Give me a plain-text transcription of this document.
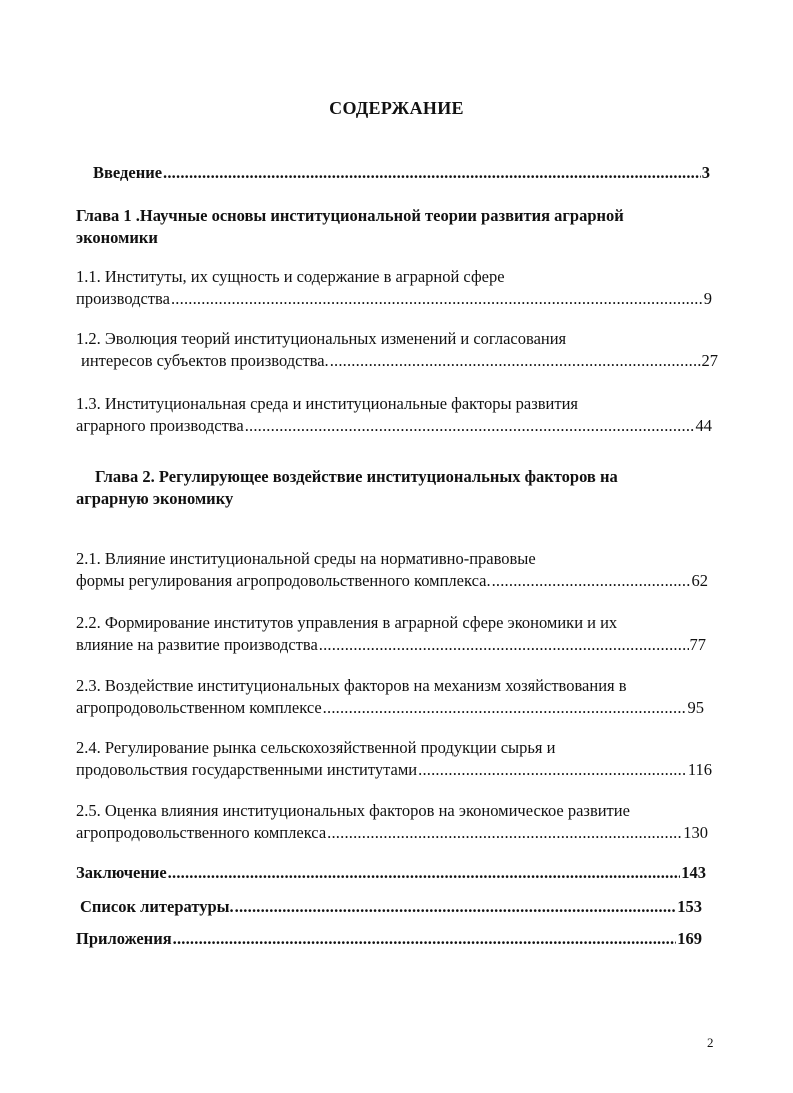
СОДЕРЖАНИЕ
Введение .....	3
Глава 1 .Научные основы институциональной теории развития аграрной
экономики
1.1. Институты, их сущность и содержание в аграрной сфере
производства .....	9
1.2. Эволюция теорий институциональных изменений и согласования
интересов субъектов производства. .....	27
1.3. Институциональная среда и институциональные факторы развития
аграрного производства .....	44
Глава 2. Регулирующее воздействие институциональных факторов на
аграрную экономику
2.1. Влияние институциональной среды на нормативно-правовые
формы регулирования агропродовольственного комплекса. .....	62
2.2. Формирование институтов управления в аграрной сфере экономики и их
влияние на развитие производства .....	77
2.3. Воздействие институциональных факторов на механизм хозяйствования в
агропродовольственном комплексе .....	95
2.4. Регулирование рынка сельскохозяйственной продукции сырья и
продовольствия государственными институтами .....	116
2.5. Оценка влияния институциональных факторов на экономическое развитие
агропродовольственного комплекса .....	130
Заключение .....	143
Список литературы. .....	153
Приложения .....	169
2
